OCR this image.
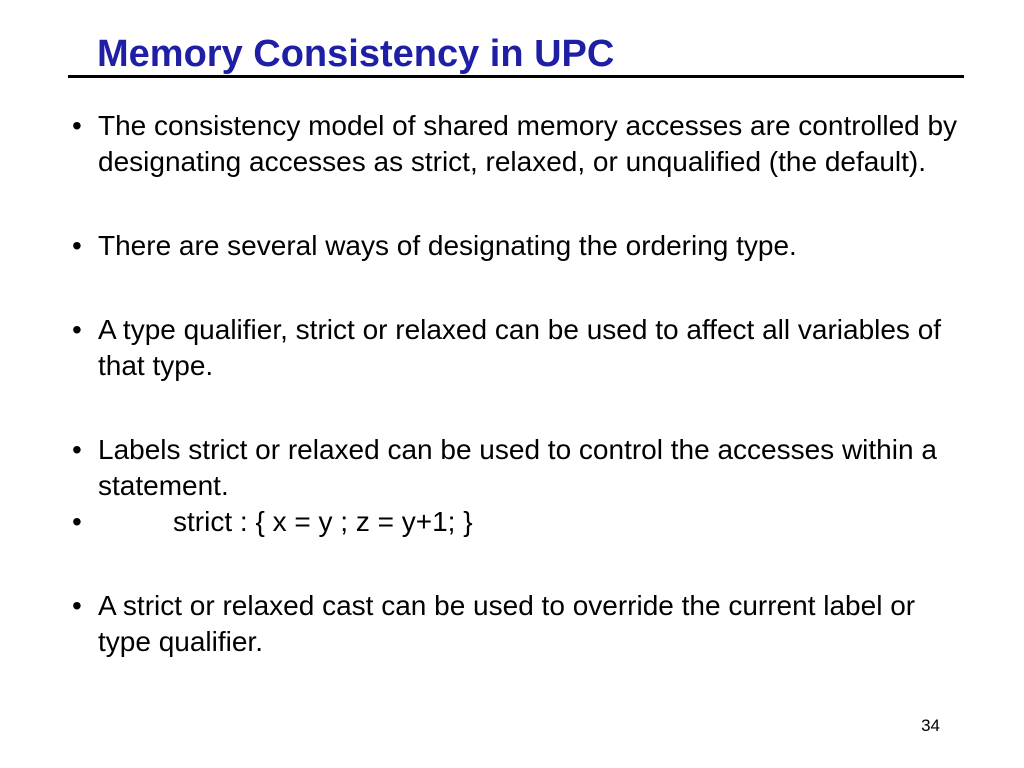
Memory Consistency in UPC
• The consistency model of shared memory accesses are controlled by designating accesses as strict, relaxed, or unqualified (the default).
• There are several ways of designating the ordering type.
• A type qualifier, strict or relaxed can be used to affect all variables of that type.
• Labels strict or relaxed can be used to control the accesses within a statement.
•	strict : { x = y ; z = y+1; }
• A strict or relaxed cast can be used to override the current label or type qualifier.
34
